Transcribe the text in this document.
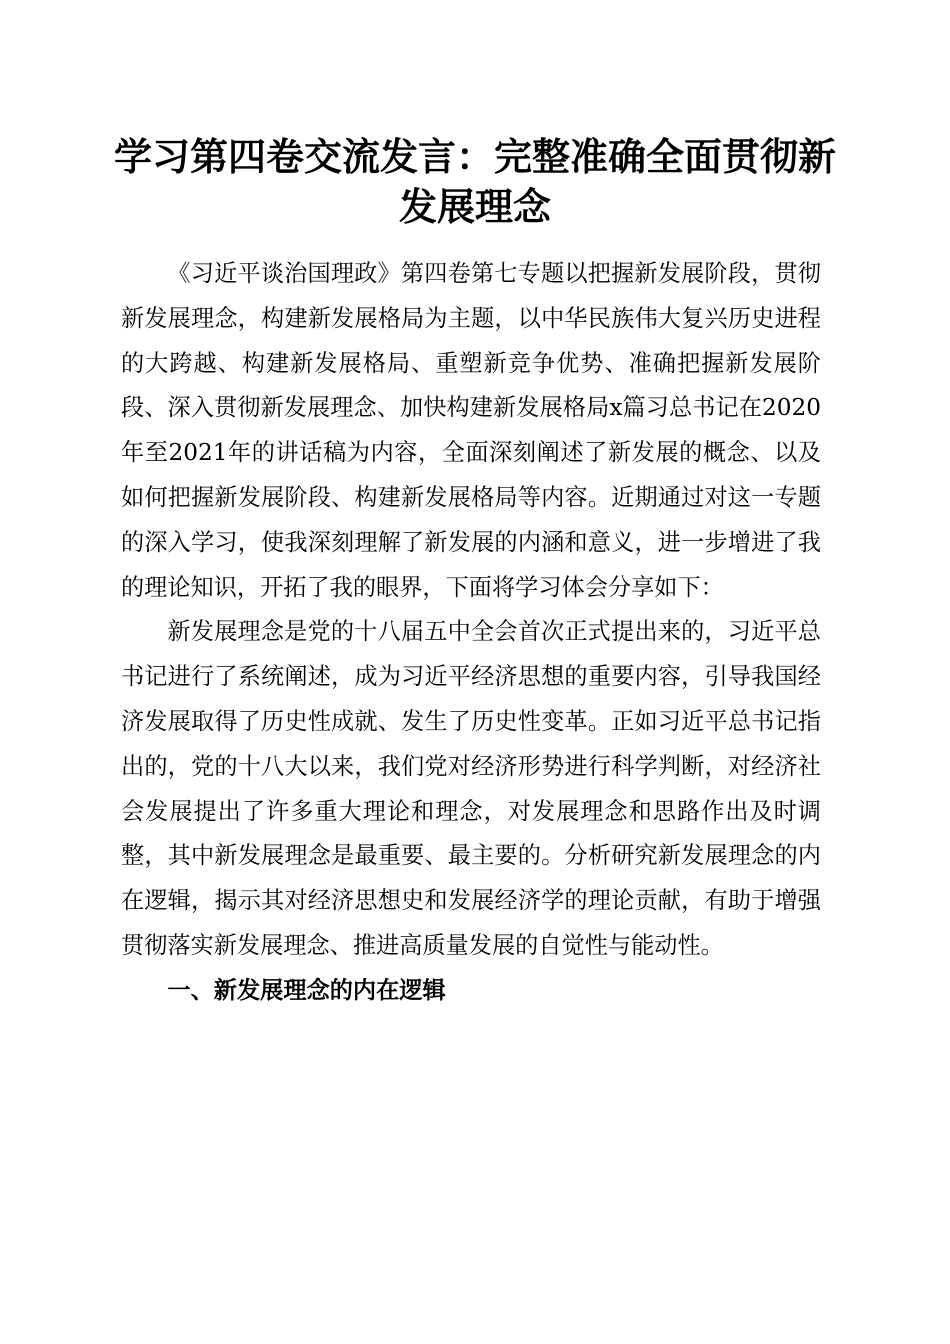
学习第四卷交流发言：完整准确全面贯彻新发展理念

《习近平谈治国理政》第四卷第七专题以把握新发展阶段，贯彻新发展理念，构建新发展格局为主题，以中华民族伟大复兴历史进程的大跨越、构建新发展格局、重塑新竞争优势、准确把握新发展阶段、深入贯彻新发展理念、加快构建新发展格局x篇习总书记在2020年至2021年的讲话稿为内容，全面深刻阐述了新发展的概念、以及如何把握新发展阶段、构建新发展格局等内容。近期通过对这一专题的深入学习，使我深刻理解了新发展的内涵和意义，进一步增进了我的理论知识，开拓了我的眼界，下面将学习体会分享如下：

新发展理念是党的十八届五中全会首次正式提出来的，习近平总书记进行了系统阐述，成为习近平经济思想的重要内容，引导我国经济发展取得了历史性成就、发生了历史性变革。正如习近平总书记指出的，党的十八大以来，我们党对经济形势进行科学判断，对经济社会发展提出了许多重大理论和理念，对发展理念和思路作出及时调整，其中新发展理念是最重要、最主要的。分析研究新发展理念的内在逻辑，揭示其对经济思想史和发展经济学的理论贡献，有助于增强贯彻落实新发展理念、推进高质量发展的自觉性与能动性。

一、新发展理念的内在逻辑
